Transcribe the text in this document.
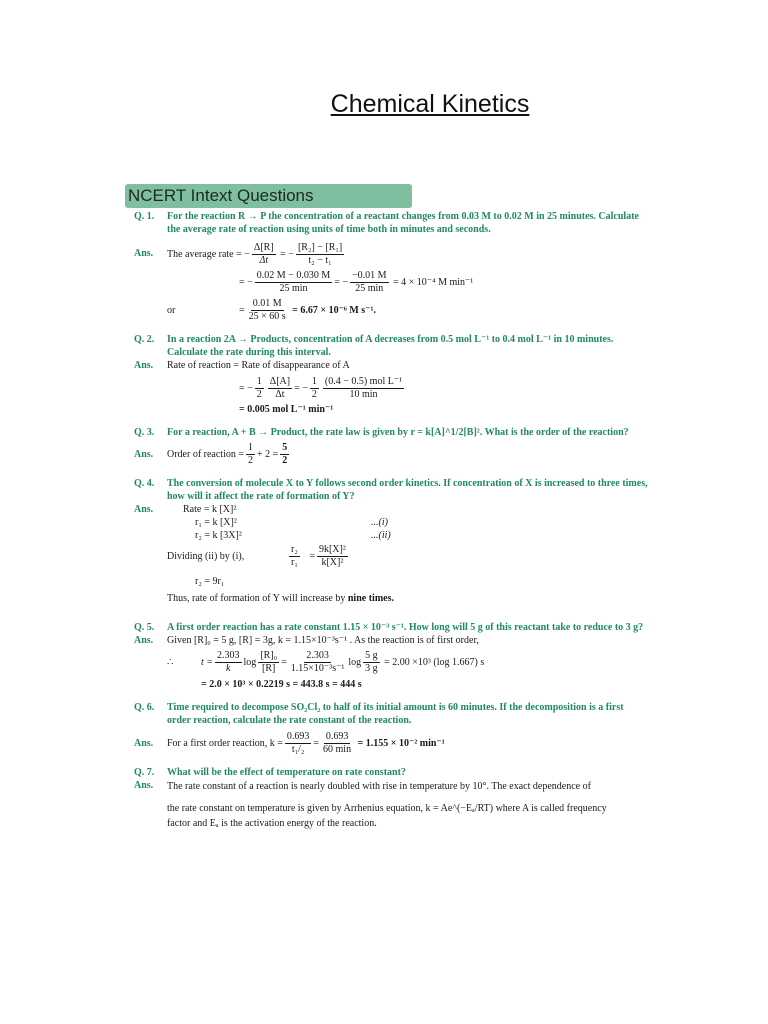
Chemical Kinetics
NCERT Intext Questions
Q. 1.	For the reaction R → P the concentration of a reactant changes from 0.03 M to 0.02 M in 25 minutes. Calculate the average rate of reaction using units of time both in minutes and seconds.
Ans.	The average rate = − $\frac{\Delta[R]}{\Delta t}$ = − $\frac{\text{[R₂] − [R₁]}}{\text{t₂ − t₁}}$
= − $\frac{0.02 M - 0.030 M}{25 \min}$ = − $\frac{-0.01 M}{25 \min}$
= 4 × 10⁻⁴ M min⁻¹
or	= $\frac{0.01 M}{25 \times 60 s}$
= 6.67 × 10⁻⁶ M s⁻¹.
Q. 2.	In a reaction 2A → Products, concentration of A decreases from 0.5 mol L⁻¹ to 0.4 mol L⁻¹ in 10 minutes. Calculate the rate during this interval.
Ans.	Rate of reaction = Rate of disappearance of A
= − $\frac{1}{2} \frac{\Delta[A]}{\Delta t}$ = − $\frac{1}{2} \frac{\text{(0.4 − 0.5) mol L⁻¹}}{10 \min}$
= 0.005 mol L⁻¹ min⁻¹
Q. 3.	For a reaction, A + B → Product, the rate law is given by r = k[A]^1/2[B]². What is the order of the reaction?
Ans.	Order of reaction = $\frac{1}{2} + 2 = \frac{5}{2}$
Q. 4.	The conversion of molecule X to Y follows second order kinetics. If concentration of X is increased to three times, how will it affect the rate of formation of Y?
Ans.	Rate = k [X]²
r₁ = k [X]²	...(i)
r₂ = k [3X]²	...(ii)
Dividing (ii) by (i),	$\frac{\text{r₂}}{\text{r₁}} = \frac{\text{9k[X]²}}{\text{k[X]²}}$
r₂ = 9r₁
Thus, rate of formation of Y will increase by nine times.
Q. 5.	A first order reaction has a rate constant 1.15 × 10⁻³ s⁻¹. How long will 5 g of this reactant take to reduce to 3 g?
Ans.	Given [R]₀ = 5 g, [R] = 3g, k = 1.15×10⁻³s⁻¹ . As the reaction is of first order,
∴	$t = \frac{2.303}{k}$ $\log \frac{\text{[R]₀}}{[R]} = \frac{2.303}{\text{1.15×10⁻³s⁻¹}}$ $\log \frac{5 g}{3 g}$
= 2.00 ×10³ (log 1.667) s
= 2.0 × 10³ × 0.2219 s = 443.8 s = 444 s
Q. 6.	Time required to decompose SO₂Cl₂ to half of its initial amount is 60 minutes. If the decomposition is a first order reaction, calculate the rate constant of the reaction.
Ans.	For a first order reaction, $k = \frac{0.693}{\text{t₁/₂}} = \frac{0.693}{60 \min}$
= 1.155 × 10⁻² min⁻¹
Q. 7.	What will be the effect of temperature on rate constant?
Ans.	The rate constant of a reaction is nearly doubled with rise in temperature by 10°. The exact dependence of
the rate constant on temperature is given by Arrhenius equation, k = Ae^(−Eₐ/RT) where A is called frequency
factor and Eₐ is the activation energy of the reaction.
